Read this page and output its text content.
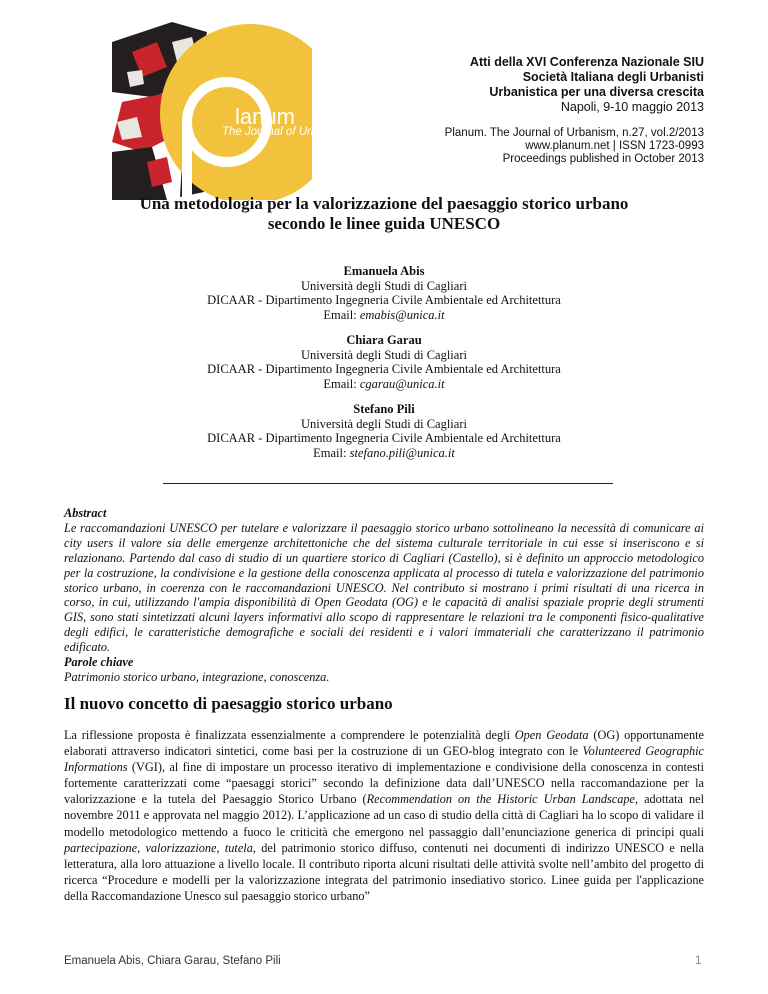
lanum
The Journal of Urbanism
Atti della XVI Conferenza Nazionale SIU
Società Italiana degli Urbanisti
Urbanistica per una diversa crescita
Napoli, 9-10 maggio 2013
Planum. The Journal of Urbanism, n.27, vol.2/2013
www.planum.net | ISSN 1723-0993
Proceedings published in October 2013
Una metodologia per la valorizzazione del paesaggio storico urbano
secondo le linee guida UNESCO
Emanuela Abis
Università degli Studi di Cagliari
DICAAR - Dipartimento Ingegneria Civile Ambientale ed Architettura
Email: emabis@unica.it
Chiara Garau
Università degli Studi di Cagliari
DICAAR - Dipartimento Ingegneria Civile Ambientale ed Architettura
Email: cgarau@unica.it
Stefano Pili
Università degli Studi di Cagliari
DICAAR - Dipartimento Ingegneria Civile Ambientale ed Architettura
Email: stefano.pili@unica.it
Abstract
Le raccomandazioni UNESCO per tutelare e valorizzare il paesaggio storico urbano sottolineano la necessità di comunicare ai city users il valore sia delle emergenze architettoniche che del sistema culturale territoriale in cui esse si inseriscono e si relazionano. Partendo dal caso di studio di un quartiere storico di Cagliari (Castello), si è definito un approccio metodologico per la costruzione, la condivisione e la gestione della conoscenza applicata al processo di tutela e valorizzazione del patrimonio storico urbano, in coerenza con le raccomandazioni UNESCO. Nel contributo si mostrano i primi risultati di una ricerca in corso, in cui, utilizzando l'ampia disponibilità di Open Geodata (OG) e le capacità di analisi spaziale proprie degli strumenti GIS, sono stati sintetizzati alcuni layers informativi allo scopo di rappresentare le relazioni tra le componenti fisico-qualitative degli edifici, le caratteristiche demografiche e sociali dei residenti e i valori immateriali che caratterizzano il patrimonio edificato.
Parole chiave
Patrimonio storico urbano, integrazione, conoscenza.
Il nuovo concetto di paesaggio storico urbano
La riflessione proposta è finalizzata essenzialmente a comprendere le potenzialità degli Open Geodata (OG) opportunamente elaborati attraverso indicatori sintetici, come basi per la costruzione di un GEO-blog integrato con le Volunteered Geographic Informations (VGI), al fine di impostare un processo iterativo di implementazione e condivisione della conoscenza in contesti fortemente caratterizzati come “paesaggi storici” secondo la definizione data dall’UNESCO nella raccomandazione per la valorizzazione e la tutela del Paesaggio Storico Urbano (Recommendation on the Historic Urban Landscape, adottata nel novembre 2011 e approvata nel maggio 2012). L’applicazione ad un caso di studio della città di Cagliari ha lo scopo di validare il modello metodologico mettendo a fuoco le criticità che emergono nel passaggio dall’enunciazione generica di principi quali partecipazione, valorizzazione, tutela, del patrimonio storico diffuso, contenuti nei documenti di indirizzo UNESCO e nella letteratura, alla loro attuazione a livello locale. Il contributo riporta alcuni risultati delle attività svolte nell’ambito del progetto di ricerca “Procedure e modelli per la valorizzazione integrata del patrimonio insediativo storico. Linee guida per l'applicazione della Raccomandazione Unesco sul paesaggio storico urbano”
Emanuela Abis, Chiara Garau, Stefano Pili	1
